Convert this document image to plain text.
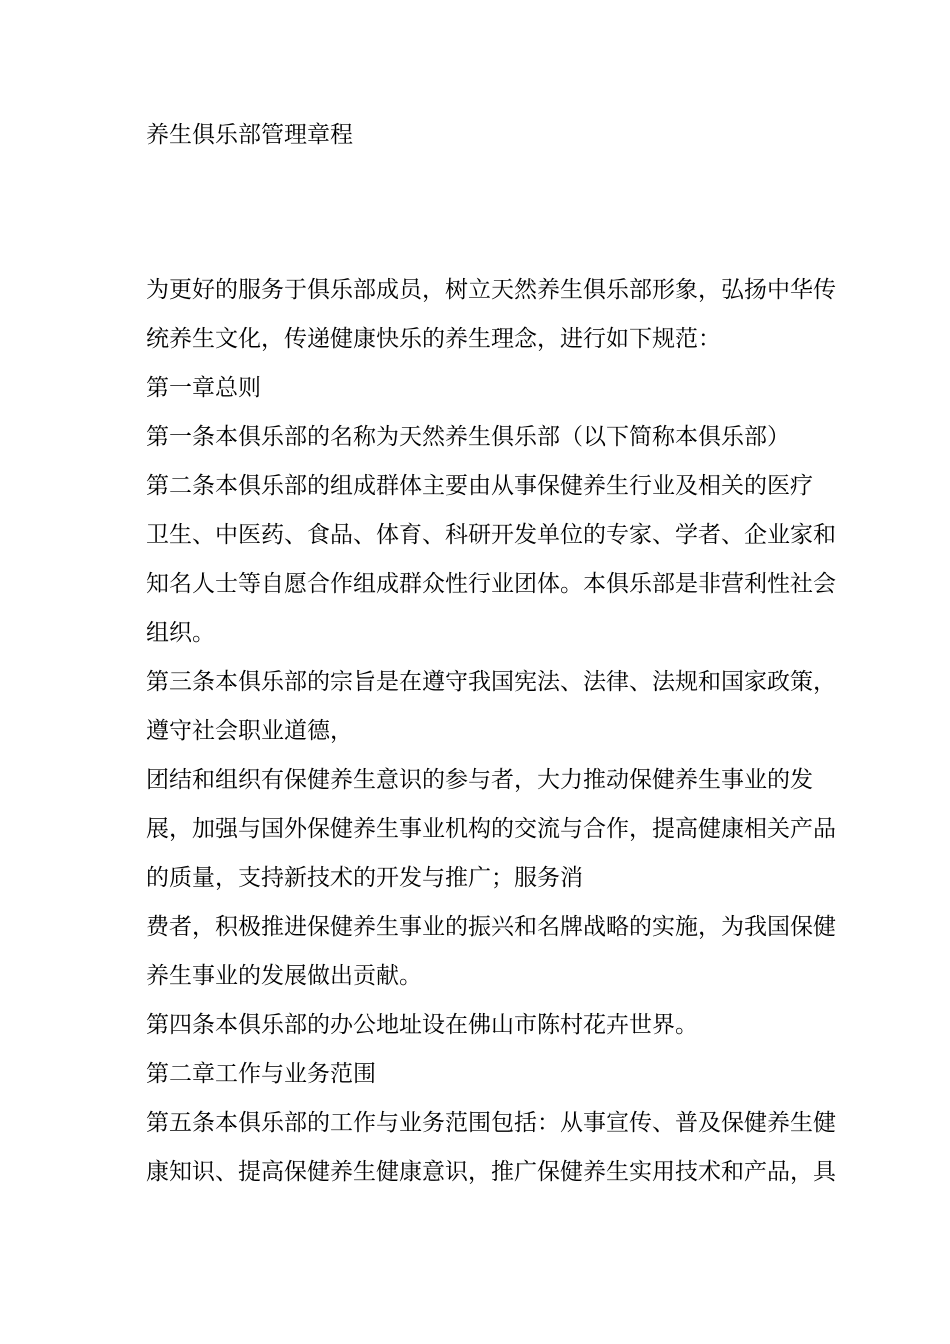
养生俱乐部管理章程
为更好的服务于俱乐部成员，树立天然养生俱乐部形象，弘扬中华传
统养生文化，传递健康快乐的养生理念，进行如下规范：
第一章总则
第一条本俱乐部的名称为天然养生俱乐部（以下简称本俱乐部）
第二条本俱乐部的组成群体主要由从事保健养生行业及相关的医疗
卫生、中医药、食品、体育、科研开发单位的专家、学者、企业家和
知名人士等自愿合作组成群众性行业团体。本俱乐部是非营利性社会
组织。
第三条本俱乐部的宗旨是在遵守我国宪法、法律、法规和国家政策，
遵守社会职业道德，
团结和组织有保健养生意识的参与者，大力推动保健养生事业的发
展，加强与国外保健养生事业机构的交流与合作，提高健康相关产品
的质量，支持新技术的开发与推广；服务消
费者，积极推进保健养生事业的振兴和名牌战略的实施，为我国保健
养生事业的发展做出贡献。
第四条本俱乐部的办公地址设在佛山市陈村花卉世界。
第二章工作与业务范围
第五条本俱乐部的工作与业务范围包括：从事宣传、普及保健养生健
康知识、提高保健养生健康意识，推广保健养生实用技术和产品，具
